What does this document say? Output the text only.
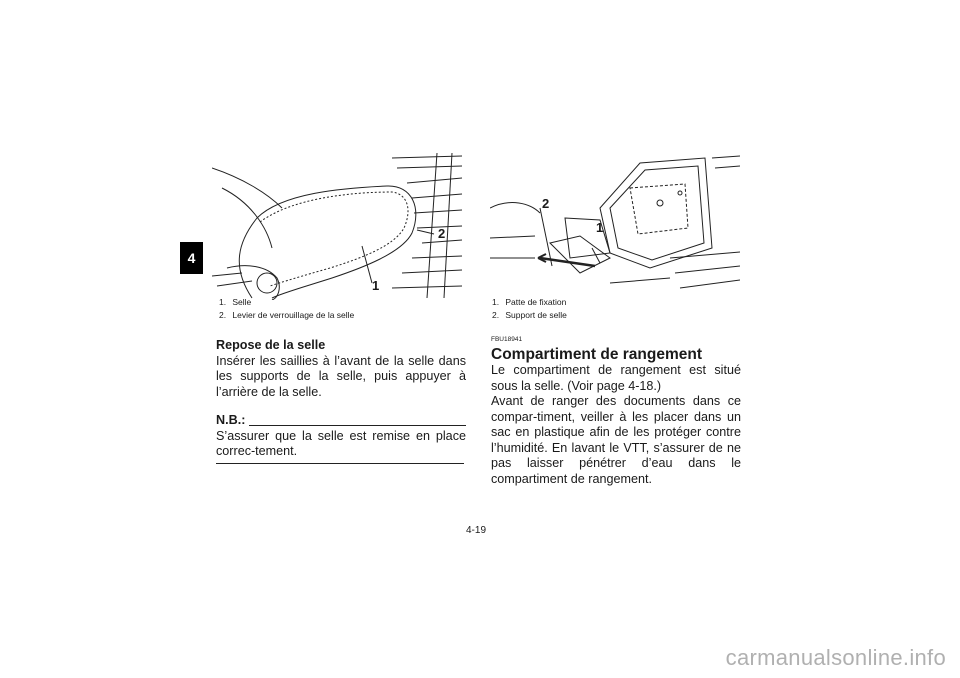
4
1
2
2
1
1. Selle
2. Levier de verrouillage de la selle
1. Patte de fixation
2. Support de selle
Repose de la selle
Insérer les saillies à l’avant de la selle dans les supports de la selle, puis appuyer à l’arrière de la selle.
N.B.:
S’assurer que la selle est remise en place correc-tement.
FBU18941
Compartiment de rangement
Le compartiment de rangement est situé sous la selle. (Voir page 4-18.)
Avant de ranger des documents dans ce compar-timent, veiller à les placer dans un sac en plastique afin de les protéger contre l’humidité. En lavant le VTT, s’assurer de ne pas laisser pénétrer d’eau dans le compartiment de rangement.
4-19
carmanualsonline.info
